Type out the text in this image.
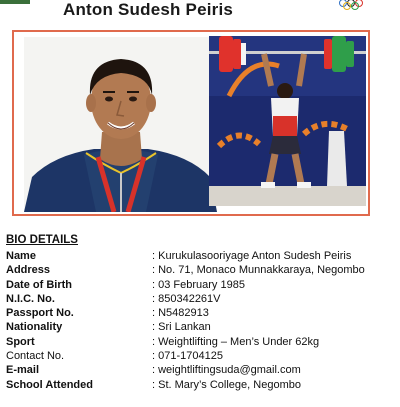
Anton Sudesh Peiris
BIO DETAILS
Name	: Kurukulasooriyage Anton Sudesh Peiris
Address	: No. 71, Monaco Munnakkaraya, Negombo
Date of Birth	: 03 February 1985
N.I.C. No.	: 850342261V
Passport No.	: N5482913
Nationality	: Sri Lankan
Sport	: Weightlifting – Men’s Under 62kg
Contact No.	: 071-1704125
E-mail	: weightliftingsuda@gmail.com
School Attended	: St. Mary’s College, Negombo
